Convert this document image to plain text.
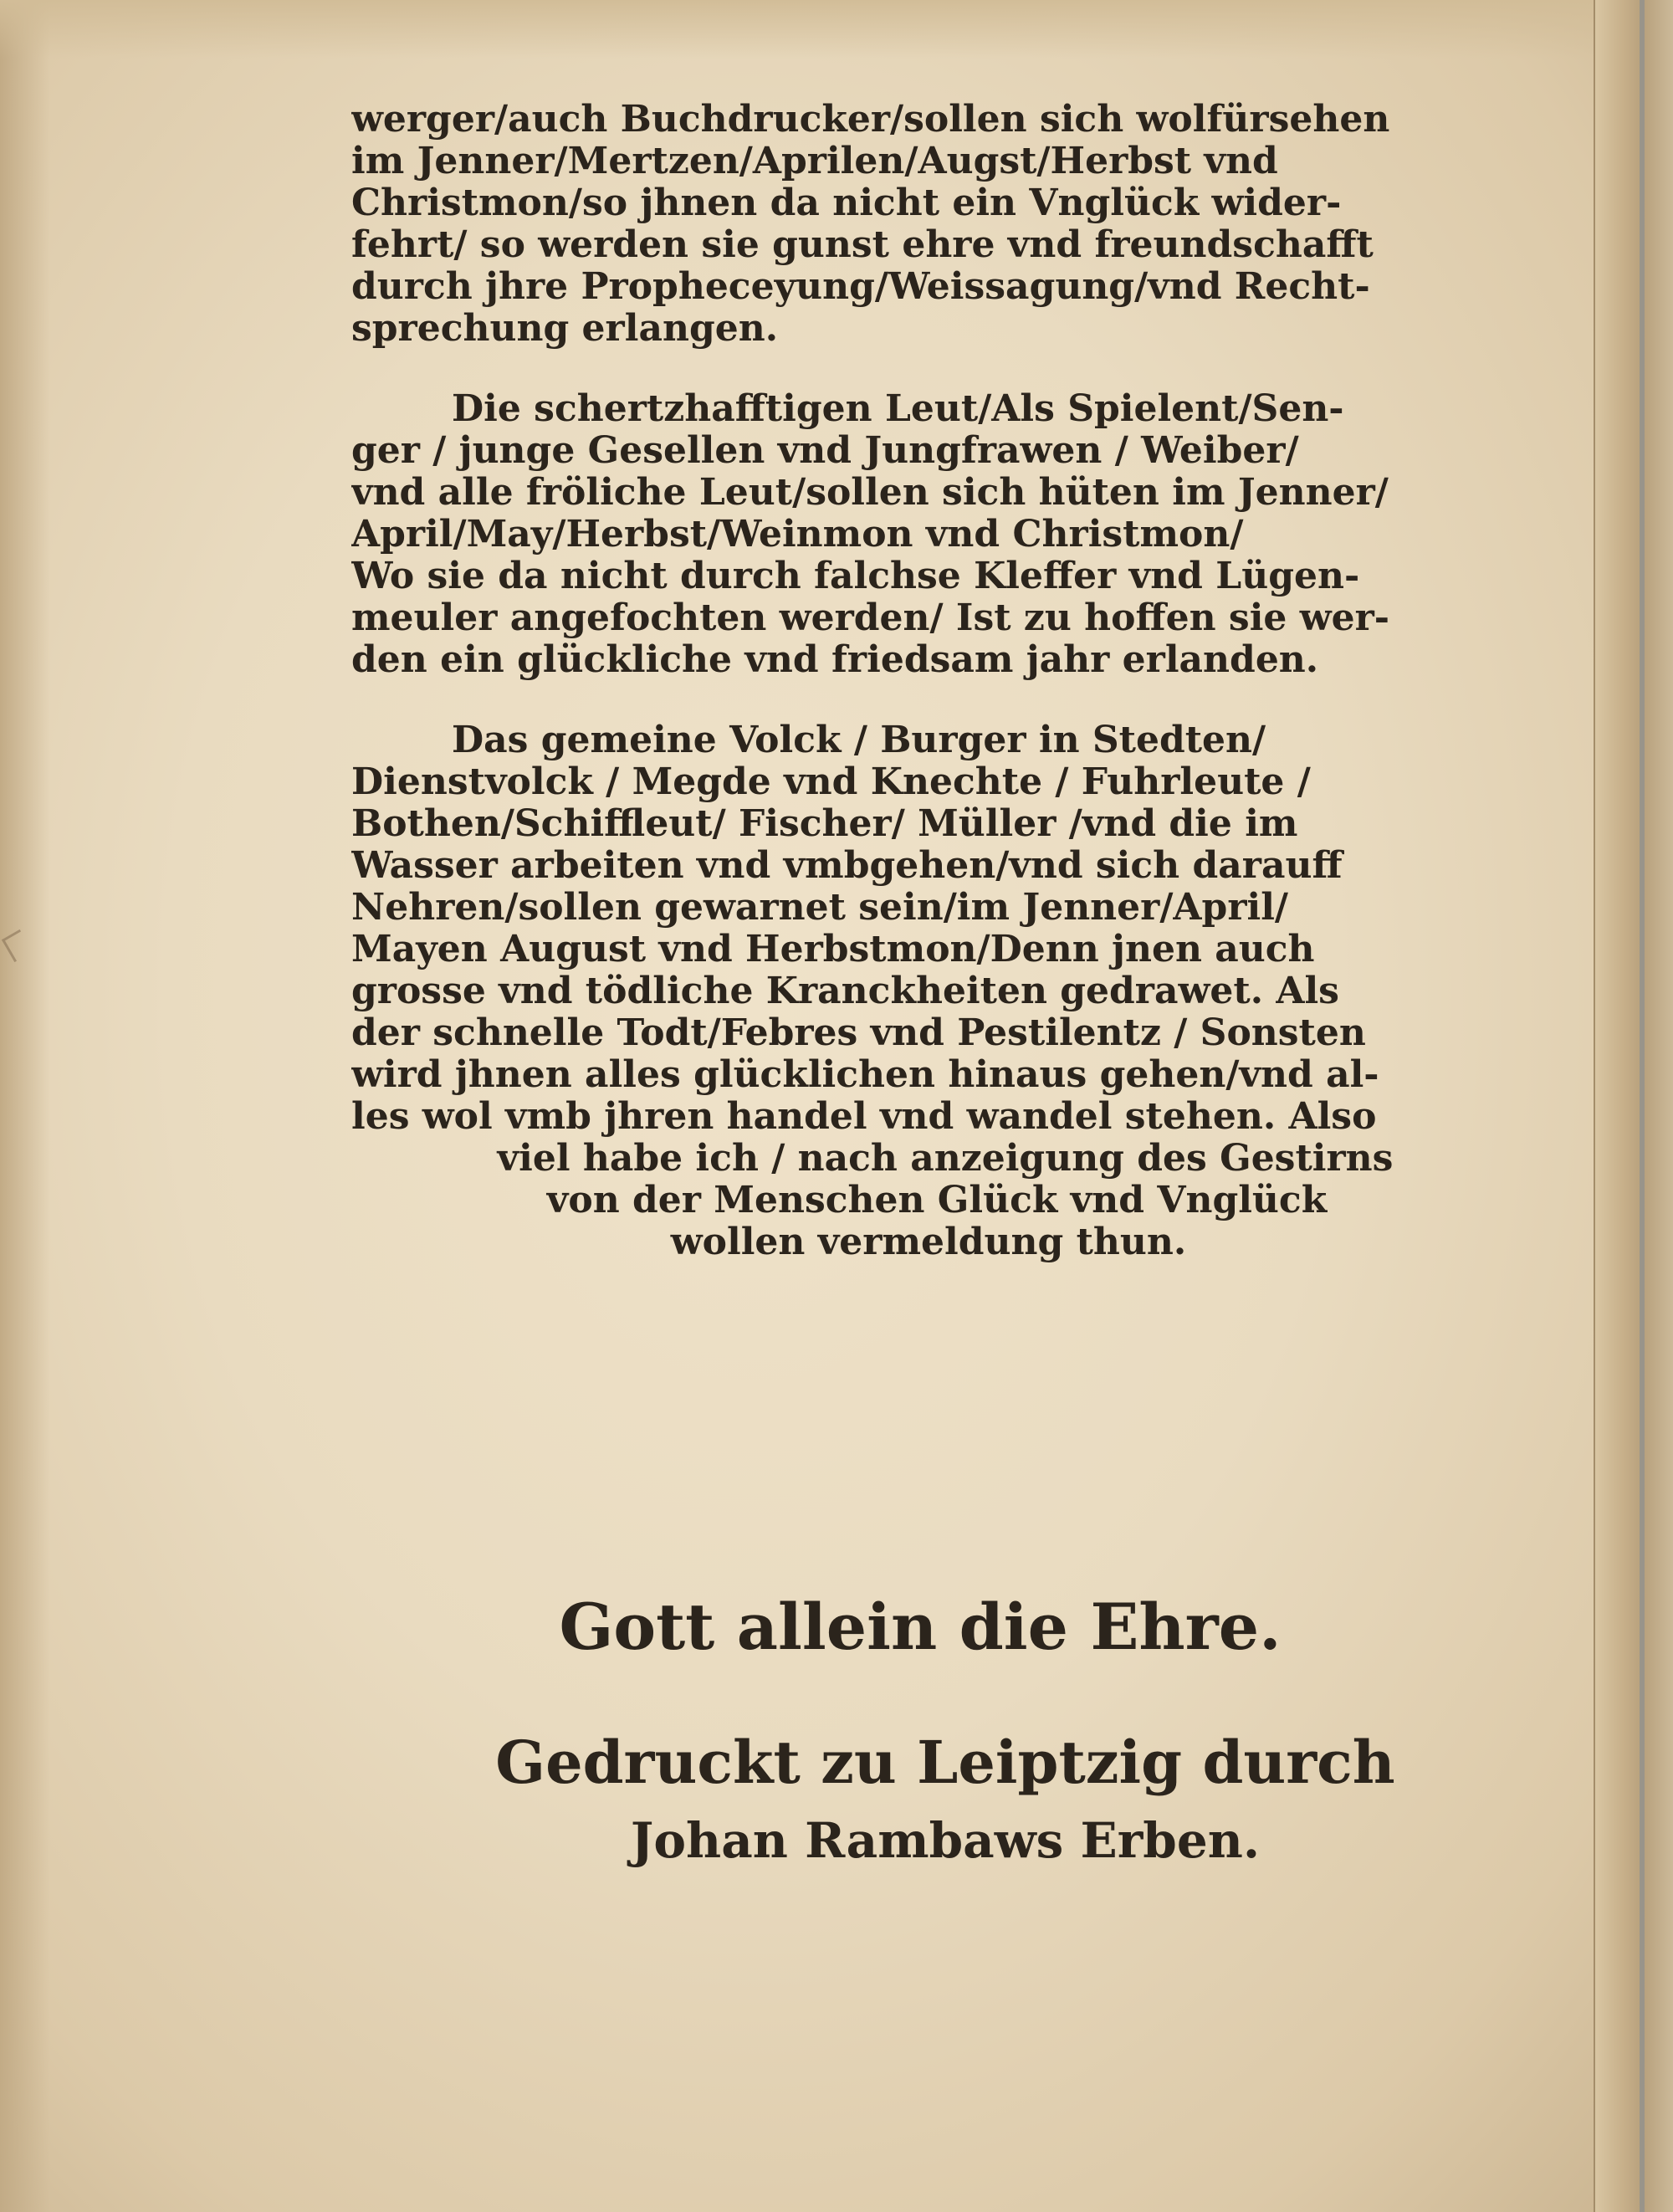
werger/auch Buchdrucker/sollen sich wolfürsehen
im Jenner/Mertzen/Aprilen/Augst/Herbst vnd
Christmon/so jhnen da nicht ein Vnglück wider-
fehrt/ so werden sie gunst ehre vnd freundschafft
durch jhre Propheceyung/Weissagung/vnd Recht-
sprechung erlangen.
Die schertzhafftigen Leut/Als Spielent/Sen-
ger / junge Gesellen vnd Jungfrawen / Weiber/
vnd alle fröliche Leut/sollen sich hüten im Jenner/
April/May/Herbst/Weinmon vnd Christmon/
Wo sie da nicht durch falchse Kleffer vnd Lügen-
meuler angefochten werden/ Ist zu hoffen sie wer-
den ein glückliche vnd friedsam jahr erlanden.
Das gemeine Volck / Burger in Stedten/
Dienstvolck / Megde vnd Knechte / Fuhrleute /
Bothen/Schiffleut/ Fischer/ Müller /vnd die im
Wasser arbeiten vnd vmbgehen/vnd sich darauff
Nehren/sollen gewarnet sein/im Jenner/April/
Mayen August vnd Herbstmon/Denn jnen auch
grosse vnd tödliche Kranckheiten gedrawet. Als
der schnelle Todt/Febres vnd Pestilentz / Sonsten
wird jhnen alles glücklichen hinaus gehen/vnd al-
les wol vmb jhren handel vnd wandel stehen. Also
viel habe ich / nach anzeigung des Gestirns
von der Menschen Glück vnd Vnglück
wollen vermeldung thun.
Gott allein die Ehre.
Gedruckt zu Leiptzig durch
Johan Rambaws Erben.
